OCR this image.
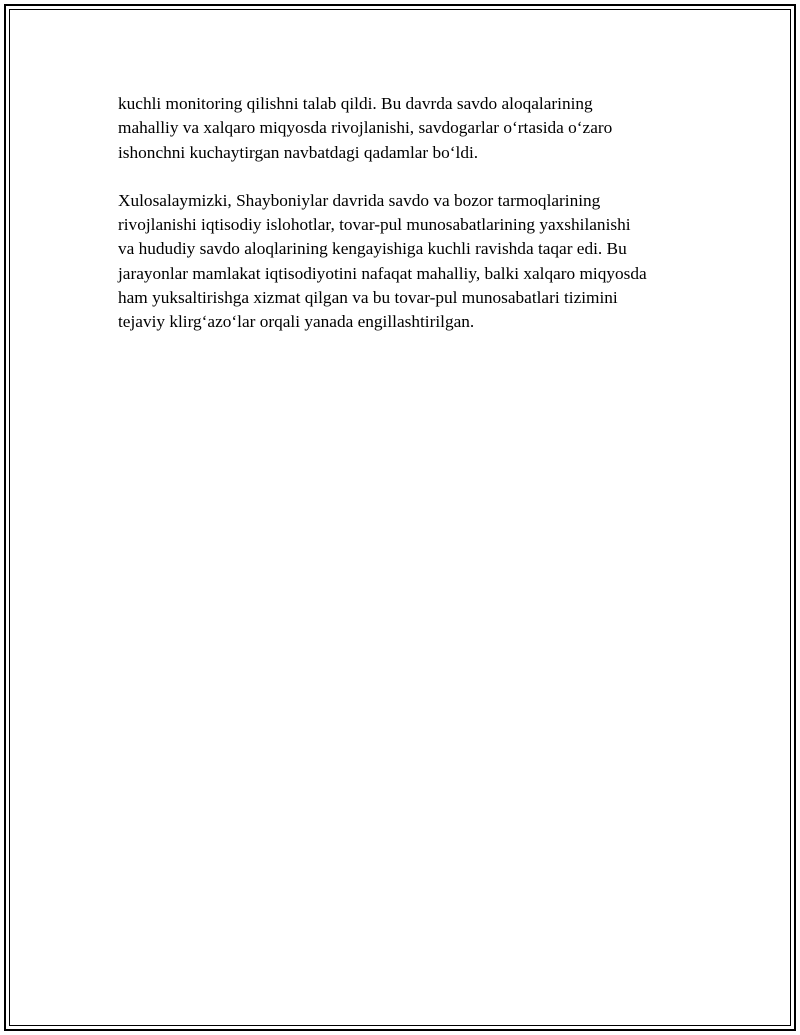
kuchli monitoring qilishni talab qildi. Bu davrda savdo aloqalarining
mahalliy va xalqaro miqyosda rivojlanishi, savdogarlar o‘rtasida o‘zaro
ishonchni kuchaytirgan navbatdagi qadamlar bo‘ldi.

Xulosalaymizki, Shayboniylar davrida savdo va bozor tarmoqlarining
rivojlanishi iqtisodiy islohotlar, tovar-pul munosabatlarining yaxshilanishi
va hududiy savdo aloqlarining kengayishiga kuchli ravishda taqar edi. Bu
jarayonlar mamlakat iqtisodiyotini nafaqat mahalliy, balki xalqaro miqyosda
ham yuksaltirishga xizmat qilgan va bu tovar-pul munosabatlari tizimini
tejaviy klirg‘azo‘lar orqali yanada engillashtirilgan.
